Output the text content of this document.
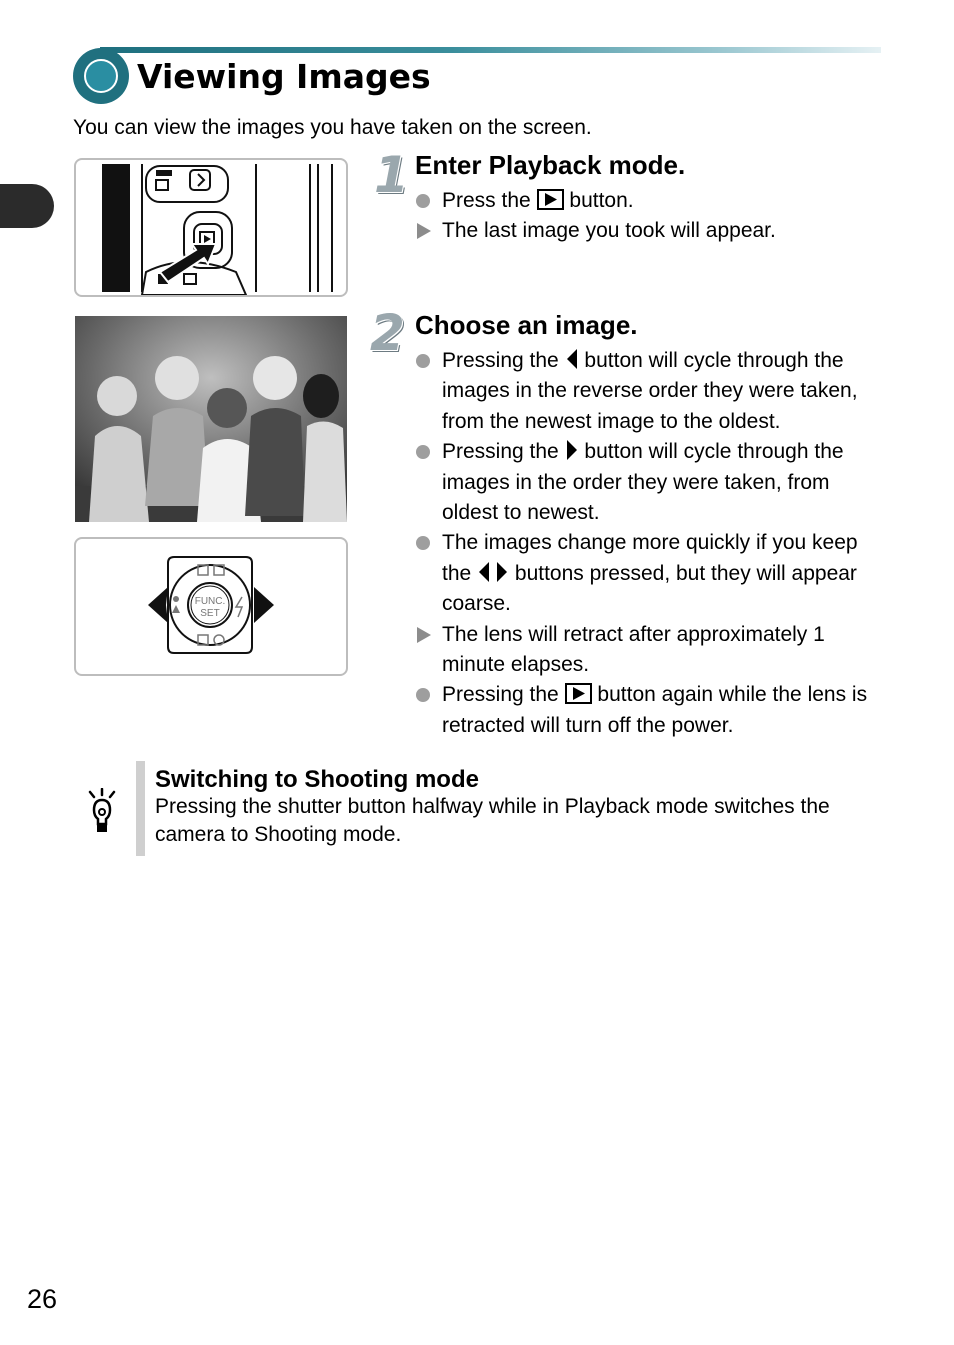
Viewing Images
You can view the images you have taken on the screen.
FUNC.
SET
1 Enter Playback mode.
Press the button.
The last image you took will appear.
2 Choose an image.
Pressing the button will cycle through the images in the reverse order they were taken, from the newest image to the oldest.
Pressing the button will cycle through the images in the order they were taken, from oldest to newest.
The images change more quickly if you keep the buttons pressed, but they will appear coarse.
The lens will retract after approximately 1 minute elapses.
Pressing the button again while the lens is retracted will turn off the power.
Switching to Shooting mode
Pressing the shutter button halfway while in Playback mode switches the camera to Shooting mode.
26
